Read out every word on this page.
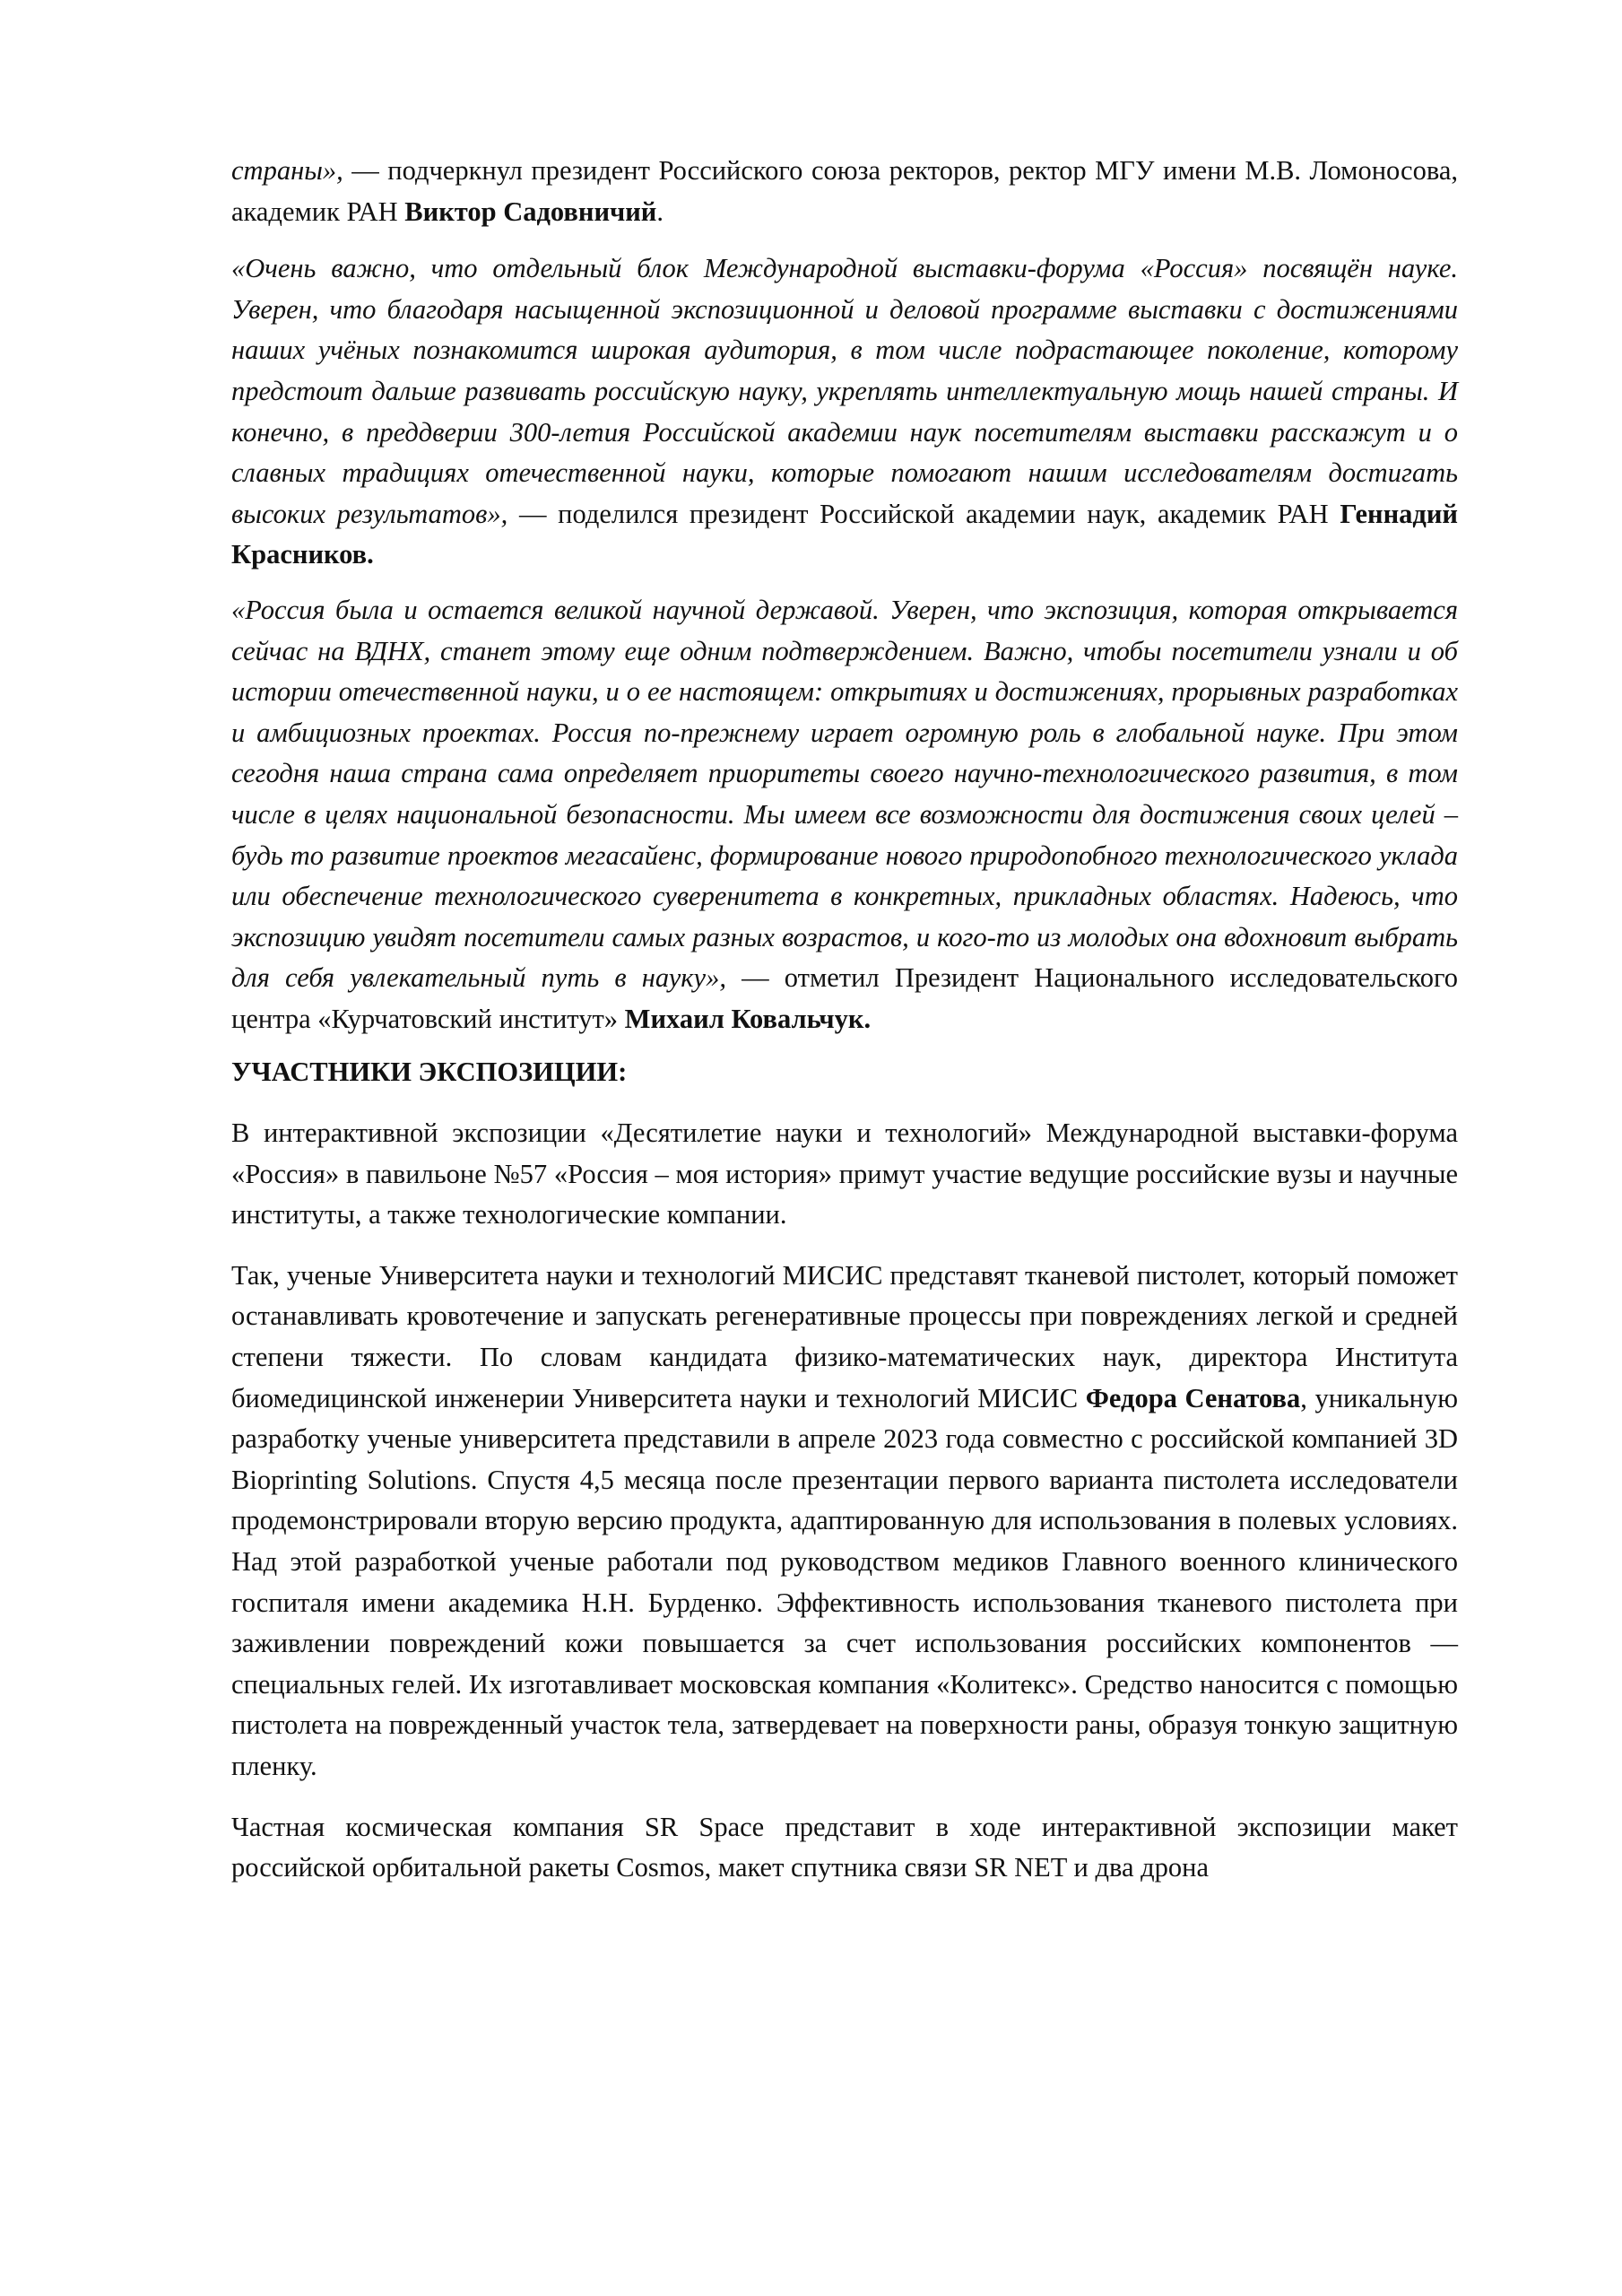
страны», — подчеркнул президент Российского союза ректоров, ректор МГУ имени М.В. Ломоносова, академик РАН Виктор Садовничий.

«Очень важно, что отдельный блок Международной выставки-форума «Россия» посвящён науке. Уверен, что благодаря насыщенной экспозиционной и деловой программе выставки с достижениями наших учёных познакомится широкая аудитория, в том числе подрастающее поколение, которому предстоит дальше развивать российскую науку, укреплять интеллектуальную мощь нашей страны. И конечно, в преддверии 300-летия Российской академии наук посетителям выставки расскажут и о славных традициях отечественной науки, которые помогают нашим исследователям достигать высоких результатов», — поделился президент Российской академии наук, академик РАН Геннадий Красников.

«Россия была и остается великой научной державой. Уверен, что экспозиция, которая открывается сейчас на ВДНХ, станет этому еще одним подтверждением. Важно, чтобы посетители узнали и об истории отечественной науки, и о ее настоящем: открытиях и достижениях, прорывных разработках и амбициозных проектах. Россия по-прежнему играет огромную роль в глобальной науке. При этом сегодня наша страна сама определяет приоритеты своего научно-технологического развития, в том числе в целях национальной безопасности. Мы имеем все возможности для достижения своих целей – будь то развитие проектов мегасайенс, формирование нового природопобного технологического уклада или обеспечение технологического суверенитета в конкретных, прикладных областях. Надеюсь, что экспозицию увидят посетители самых разных возрастов, и кого-то из молодых она вдохновит выбрать для себя увлекательный путь в науку», — отметил Президент Национального исследовательского центра «Курчатовский институт» Михаил Ковальчук.

УЧАСТНИКИ ЭКСПОЗИЦИИ:

В интерактивной экспозиции «Десятилетие науки и технологий» Международной выставки-форума «Россия» в павильоне №57 «Россия – моя история» примут участие ведущие российские вузы и научные институты, а также технологические компании.

Так, ученые Университета науки и технологий МИСИС представят тканевой пистолет, который поможет останавливать кровотечение и запускать регенеративные процессы при повреждениях легкой и средней степени тяжести. По словам кандидата физико-математических наук, директора Института биомедицинской инженерии Университета науки и технологий МИСИС Федора Сенатова, уникальную разработку ученые университета представили в апреле 2023 года совместно с российской компанией 3D Bioprinting Solutions. Спустя 4,5 месяца после презентации первого варианта пистолета исследователи продемонстрировали вторую версию продукта, адаптированную для использования в полевых условиях. Над этой разработкой ученые работали под руководством медиков Главного военного клинического госпиталя имени академика Н.Н. Бурденко. Эффективность использования тканевого пистолета при заживлении повреждений кожи повышается за счет использования российских компонентов — специальных гелей. Их изготавливает московская компания «Колитекс». Средство наносится с помощью пистолета на поврежденный участок тела, затвердевает на поверхности раны, образуя тонкую защитную пленку.

Частная космическая компания SR Space представит в ходе интерактивной экспозиции макет российской орбитальной ракеты Cosmos, макет спутника связи SR NET и два дрона
